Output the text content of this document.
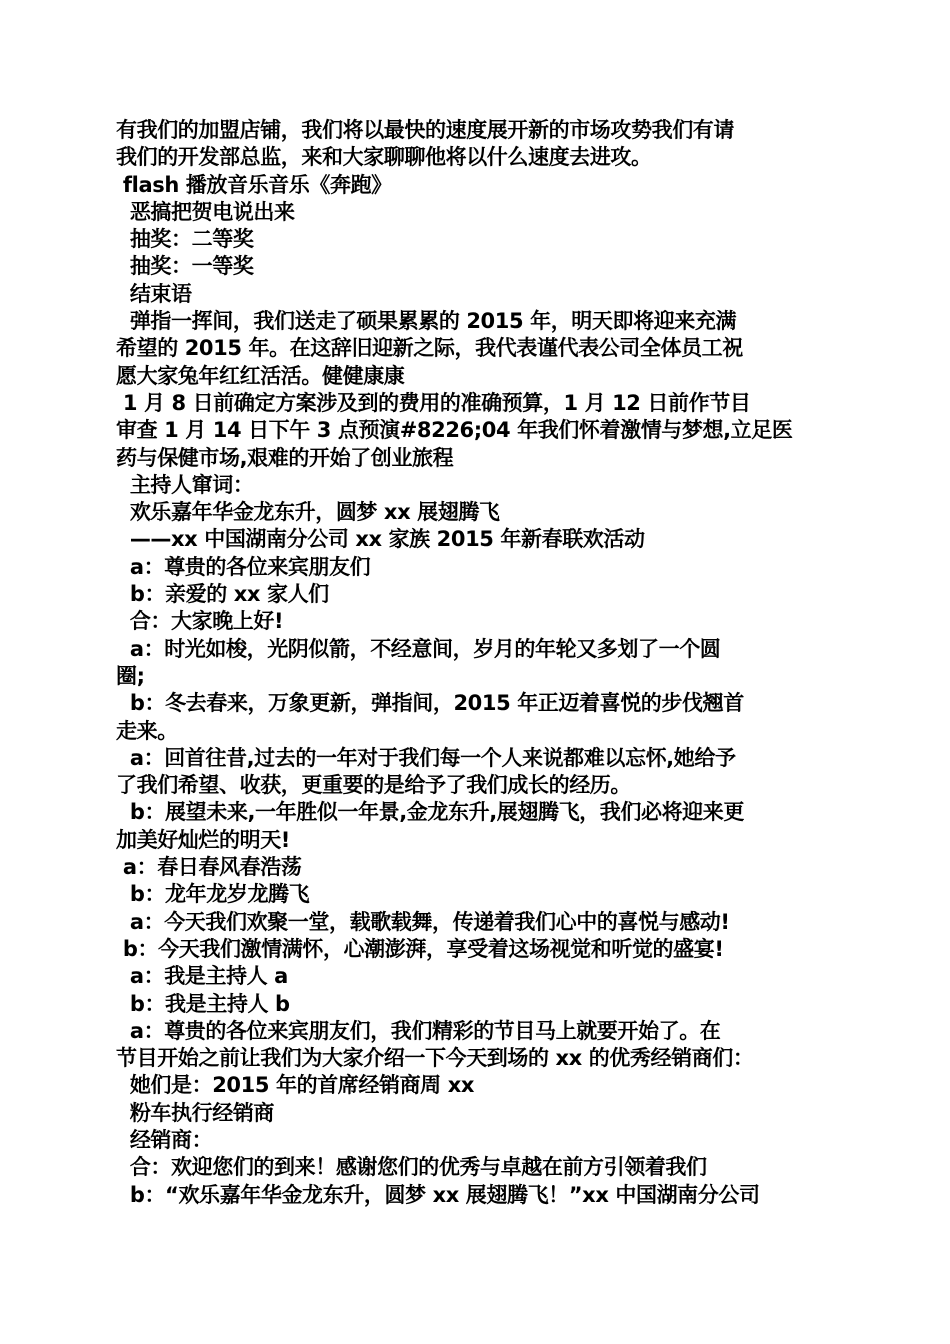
有我们的加盟店铺，我们将以最快的速度展开新的市场攻势我们有请
我们的开发部总监，来和大家聊聊他将以什么速度去进攻。
flash 播放音乐音乐《奔跑》
恶搞把贺电说出来
抽奖：二等奖
抽奖：一等奖
结束语
弹指一挥间，我们送走了硕果累累的 2015 年，明天即将迎来充满
希望的 2015 年。在这辞旧迎新之际，我代表谨代表公司全体员工祝
愿大家兔年红红活活。健健康康
1 月 8 日前确定方案涉及到的费用的准确预算，1 月 12 日前作节目
审查 1 月 14 日下午 3 点预演#8226;04 年我们怀着激情与梦想,立足医
药与保健市场,艰难的开始了创业旅程
主持人窜词：
欢乐嘉年华金龙东升，圆梦 xx 展翅腾飞
——xx 中国湖南分公司 xx 家族 2015 年新春联欢活动
a：尊贵的各位来宾朋友们
b：亲爱的 xx 家人们
合：大家晚上好!
a：时光如梭，光阴似箭，不经意间，岁月的年轮又多划了一个圆
圈;
b：冬去春来，万象更新，弹指间，2015 年正迈着喜悦的步伐翘首
走来。
a：回首往昔,过去的一年对于我们每一个人来说都难以忘怀,她给予
了我们希望、收获，更重要的是给予了我们成长的经历。
b：展望未来,一年胜似一年景,金龙东升,展翅腾飞，我们必将迎来更
加美好灿烂的明天!
a：春日春风春浩荡
b：龙年龙岁龙腾飞
a：今天我们欢聚一堂，载歌载舞，传递着我们心中的喜悦与感动!
b：今天我们激情满怀，心潮澎湃，享受着这场视觉和听觉的盛宴!
a：我是主持人 a
b：我是主持人 b
a：尊贵的各位来宾朋友们，我们精彩的节目马上就要开始了。在
节目开始之前让我们为大家介绍一下今天到场的 xx 的优秀经销商们：
她们是：2015 年的首席经销商周 xx
粉车执行经销商
经销商：
合：欢迎您们的到来！感谢您们的优秀与卓越在前方引领着我们
b：“欢乐嘉年华金龙东升，圆梦 xx 展翅腾飞！”xx 中国湖南分公司
